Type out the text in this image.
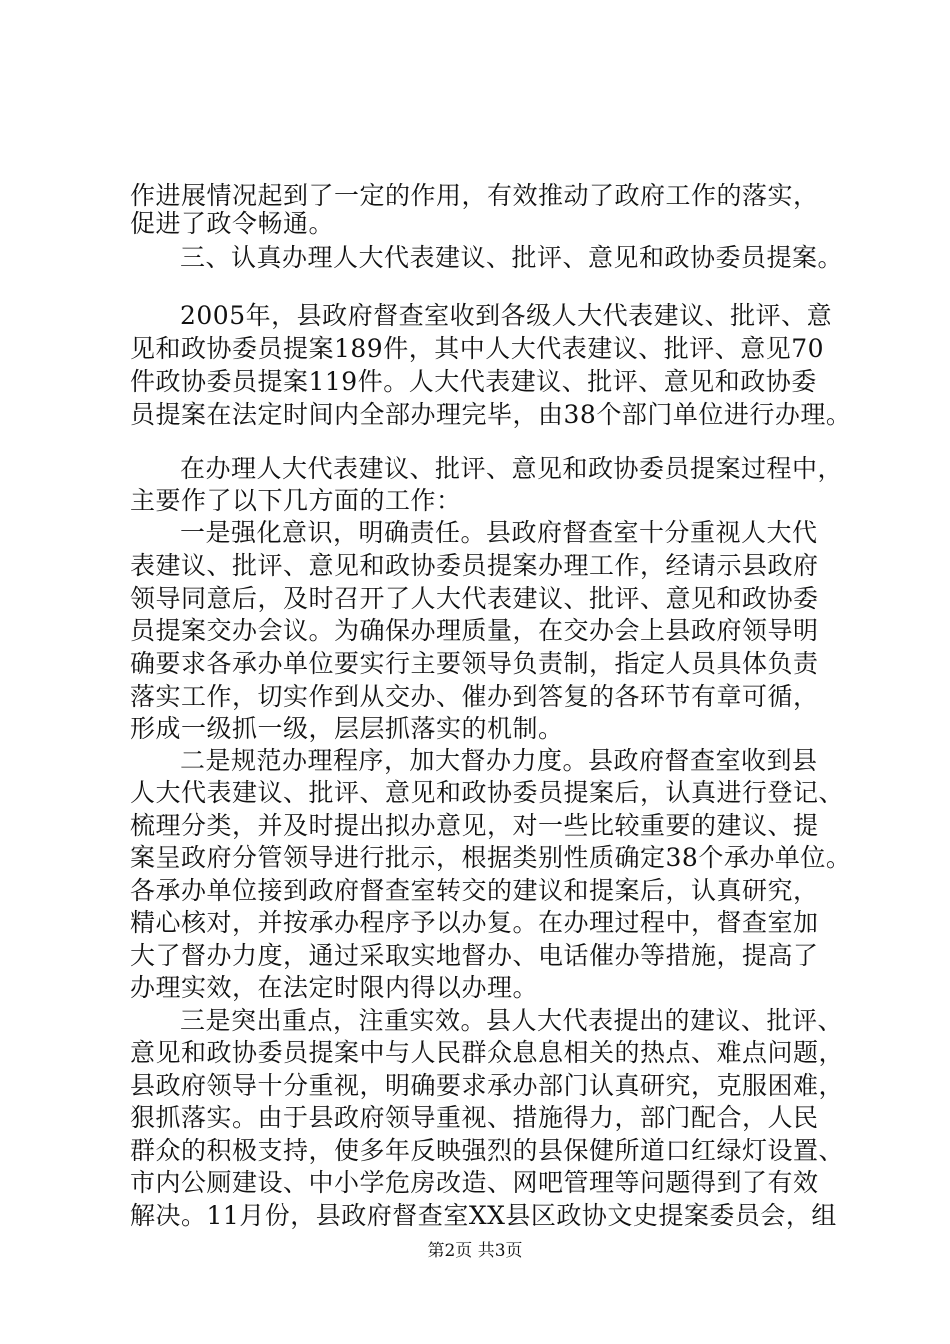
作进展情况起到了一定的作用，有效推动了政府工作的落实，
促进了政令畅通。
三、认真办理人大代表建议、批评、意见和政协委员提案。
2005年，县政府督查室收到各级人大代表建议、批评、意
见和政协委员提案189件，其中人大代表建议、批评、意见70
件政协委员提案119件。人大代表建议、批评、意见和政协委
员提案在法定时间内全部办理完毕，由38个部门单位进行办理。
在办理人大代表建议、批评、意见和政协委员提案过程中，
主要作了以下几方面的工作：
一是强化意识，明确责任。县政府督查室十分重视人大代
表建议、批评、意见和政协委员提案办理工作，经请示县政府
领导同意后，及时召开了人大代表建议、批评、意见和政协委
员提案交办会议。为确保办理质量，在交办会上县政府领导明
确要求各承办单位要实行主要领导负责制，指定人员具体负责
落实工作，切实作到从交办、催办到答复的各环节有章可循，
形成一级抓一级，层层抓落实的机制。
二是规范办理程序，加大督办力度。县政府督查室收到县
人大代表建议、批评、意见和政协委员提案后，认真进行登记、
梳理分类，并及时提出拟办意见，对一些比较重要的建议、提
案呈政府分管领导进行批示，根据类别性质确定38个承办单位。
各承办单位接到政府督查室转交的建议和提案后，认真研究，
精心核对，并按承办程序予以办复。在办理过程中，督查室加
大了督办力度，通过采取实地督办、电话催办等措施，提高了
办理实效，在法定时限内得以办理。
三是突出重点，注重实效。县人大代表提出的建议、批评、
意见和政协委员提案中与人民群众息息相关的热点、难点问题，
县政府领导十分重视，明确要求承办部门认真研究，克服困难，
狠抓落实。由于县政府领导重视、措施得力，部门配合，人民
群众的积极支持，使多年反映强烈的县保健所道口红绿灯设置、
市内公厕建设、中小学危房改造、网吧管理等问题得到了有效
解决。11月份，县政府督查室XX县区政协文史提案委员会，组
第2页 共3页
